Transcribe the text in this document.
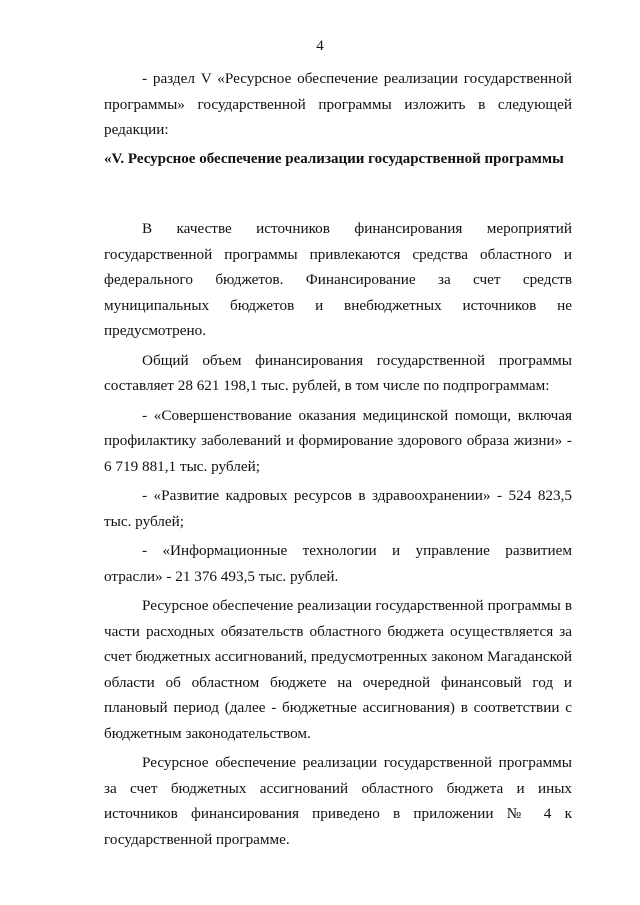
4

- раздел V «Ресурсное обеспечение реализации государственной программы» государственной программы изложить в следующей редакции:

«V. Ресурсное обеспечение реализации государственной программы

В качестве источников финансирования мероприятий государственной программы привлекаются средства областного и федерального бюджетов. Финансирование за счет средств муниципальных бюджетов и внебюджетных источников не предусмотрено.

Общий объем финансирования государственной программы составляет 28 621 198,1 тыс. рублей, в том числе по подпрограммам:

- «Совершенствование оказания медицинской помощи, включая профилактику заболеваний и формирование здорового образа жизни» - 6 719 881,1 тыс. рублей;

- «Развитие кадровых ресурсов в здравоохранении» - 524 823,5 тыс. рублей;

- «Информационные технологии и управление развитием отрасли» - 21 376 493,5 тыс. рублей.

Ресурсное обеспечение реализации государственной программы в части расходных обязательств областного бюджета осуществляется за счет бюджетных ассигнований, предусмотренных законом Магаданской области об областном бюджете на очередной финансовый год и плановый период (далее - бюджетные ассигнования) в соответствии с бюджетным законодательством.

Ресурсное обеспечение реализации государственной программы за счет бюджетных ассигнований областного бюджета и иных источников финансирования приведено в приложении № 4 к государственной программе.
